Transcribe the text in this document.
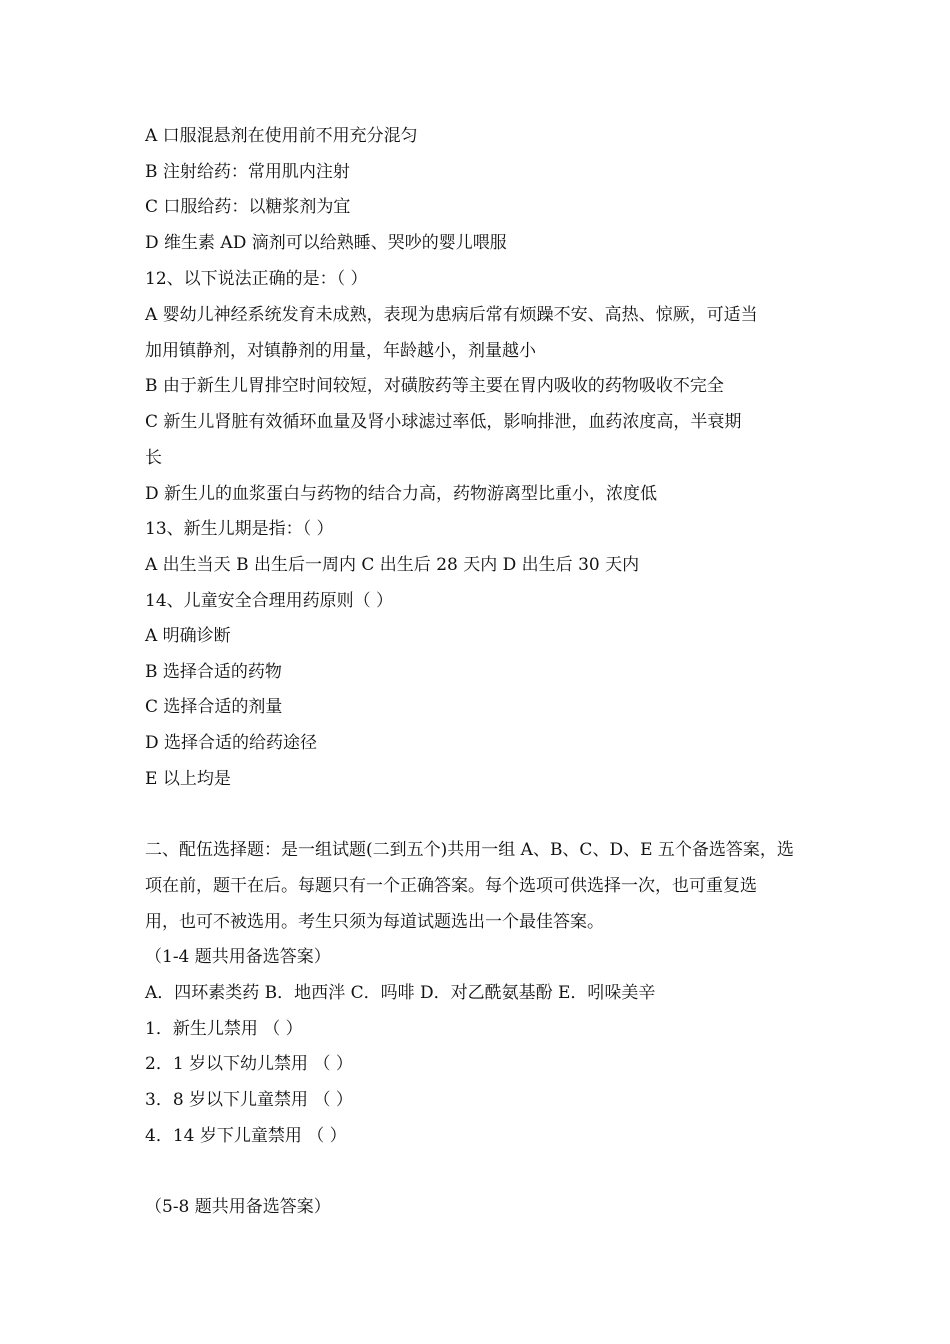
A 口服混悬剂在使用前不用充分混匀
B 注射给药：常用肌内注射
C 口服给药：以糖浆剂为宜
D 维生素 AD 滴剂可以给熟睡、哭吵的婴儿喂服
12、以下说法正确的是：（ ）
A 婴幼儿神经系统发育未成熟，表现为患病后常有烦躁不安、高热、惊厥，可适当
加用镇静剂，对镇静剂的用量，年龄越小，剂量越小
B 由于新生儿胃排空时间较短，对磺胺药等主要在胃内吸收的药物吸收不完全
C 新生儿肾脏有效循环血量及肾小球滤过率低，影响排泄，血药浓度高，半衰期
长
D 新生儿的血浆蛋白与药物的结合力高，药物游离型比重小，浓度低
13、新生儿期是指：（ ）
A 出生当天 B 出生后一周内 C 出生后 28 天内 D 出生后 30 天内
14、儿童安全合理用药原则（ ）
A 明确诊断
B 选择合适的药物
C 选择合适的剂量
D 选择合适的给药途径
E 以上均是
二、配伍选择题：是一组试题(二到五个)共用一组 A、B、C、D、E 五个备选答案，选
项在前，题干在后。每题只有一个正确答案。每个选项可供选择一次，也可重复选
用，也可不被选用。考生只须为每道试题选出一个最佳答案。
（1-4 题共用备选答案）
A．四环素类药 B．地西泮 C．吗啡 D．对乙酰氨基酚 E．吲哚美辛
1．新生儿禁用 （ ）
2．1 岁以下幼儿禁用 （ ）
3．8 岁以下儿童禁用 （ ）
4．14 岁下儿童禁用 （ ）
（5-8 题共用备选答案）
